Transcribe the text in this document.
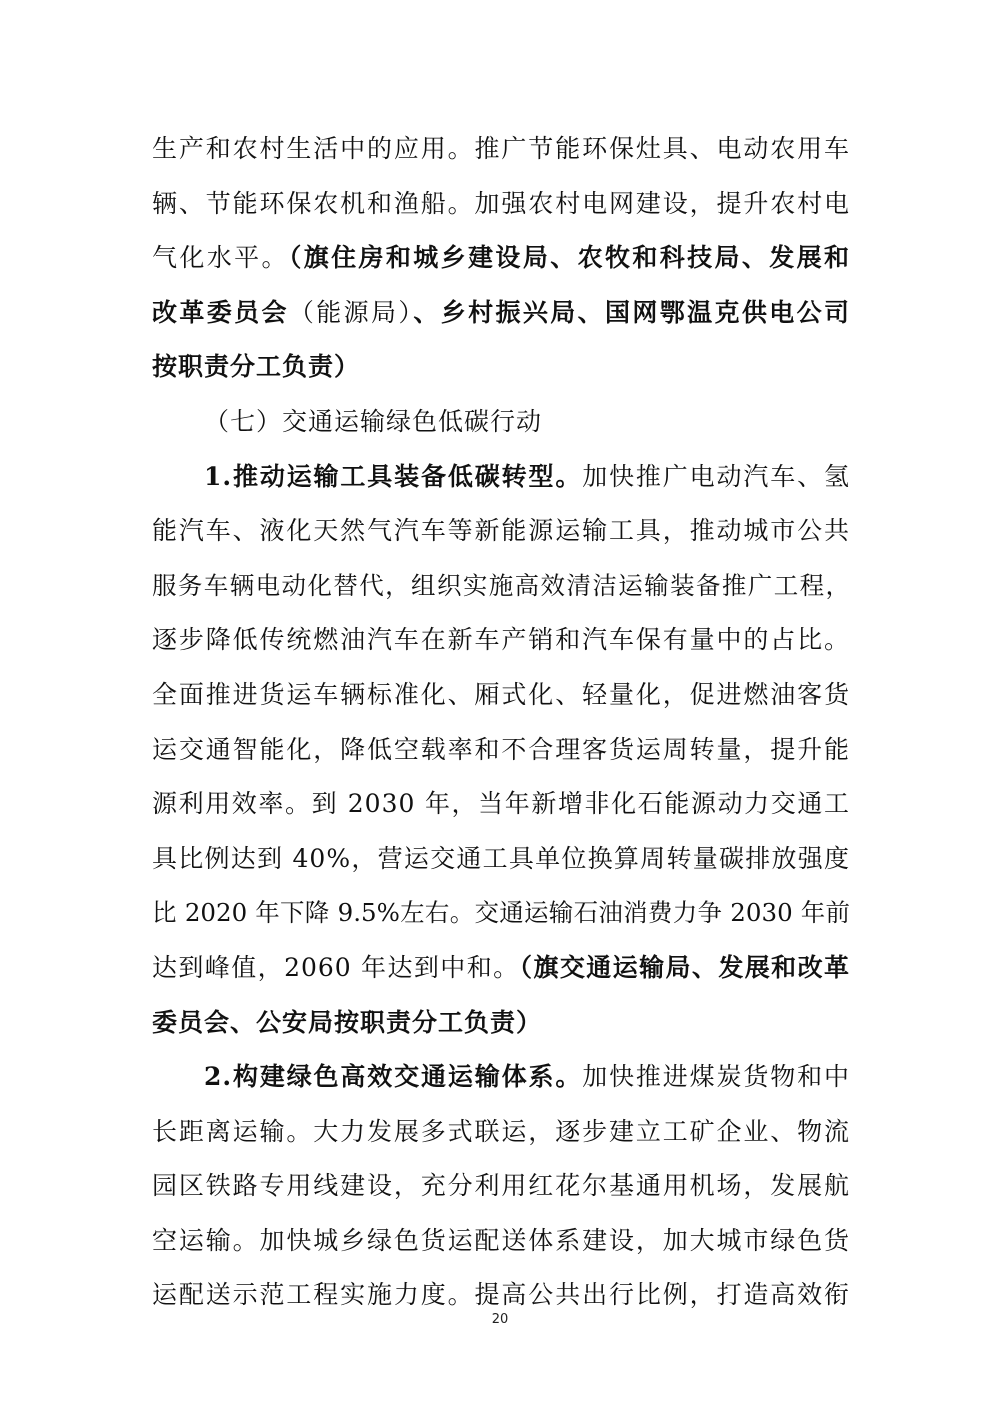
生产和农村生活中的应用。推广节能环保灶具、电动农用车
辆、节能环保农机和渔船。加强农村电网建设，提升农村电
气化水平。（旗住房和城乡建设局、农牧和科技局、发展和
改革委员会（能源局）、乡村振兴局、国网鄂温克供电公司
按职责分工负责）
（七）交通运输绿色低碳行动
1.推动运输工具装备低碳转型。加快推广电动汽车、氢
能汽车、液化天然气汽车等新能源运输工具，推动城市公共
服务车辆电动化替代，组织实施高效清洁运输装备推广工程，
逐步降低传统燃油汽车在新车产销和汽车保有量中的占比。
全面推进货运车辆标准化、厢式化、轻量化，促进燃油客货
运交通智能化，降低空载率和不合理客货运周转量，提升能
源利用效率。到 2030 年，当年新增非化石能源动力交通工
具比例达到 40%，营运交通工具单位换算周转量碳排放强度
比 2020 年下降 9.5%左右。交通运输石油消费力争 2030 年前
达到峰值，2060 年达到中和。（旗交通运输局、发展和改革
委员会、公安局按职责分工负责）
2.构建绿色高效交通运输体系。加快推进煤炭货物和中
长距离运输。大力发展多式联运，逐步建立工矿企业、物流
园区铁路专用线建设，充分利用红花尔基通用机场，发展航
空运输。加快城乡绿色货运配送体系建设，加大城市绿色货
运配送示范工程实施力度。提高公共出行比例，打造高效衔
20
